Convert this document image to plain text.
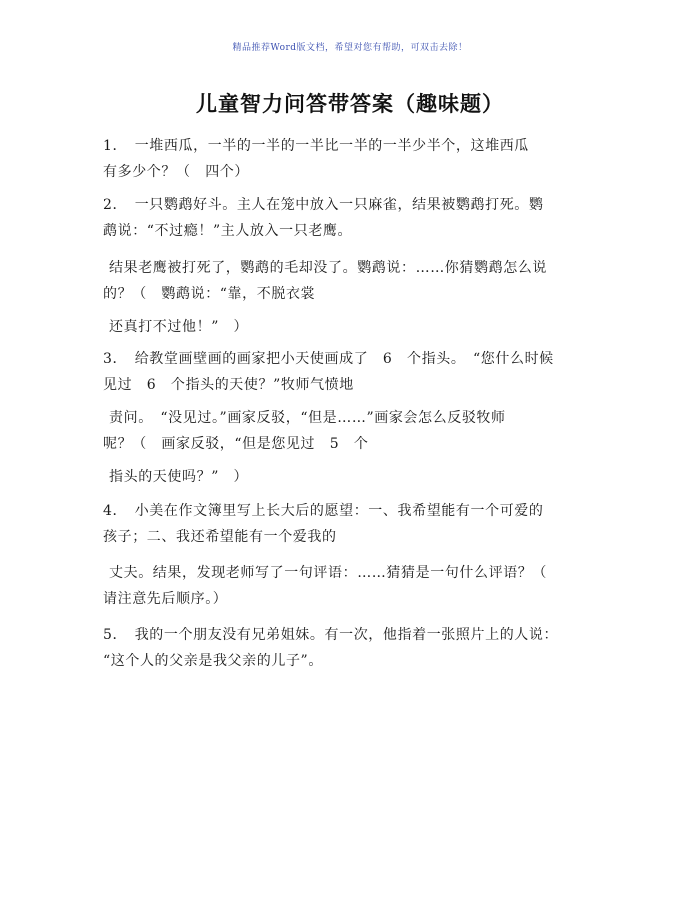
精品推荐Word版文档，希望对您有帮助，可双击去除！
儿童智力问答带答案（趣味题）

1．　一堆西瓜，一半的一半的一半比一半的一半少半个，这堆西瓜

有多少个？（　四个）

2．　一只鹦鹉好斗。主人在笼中放入一只麻雀，结果被鹦鹉打死。鹦

鹉说：“不过瘾！”主人放入一只老鹰。

结果老鹰被打死了，鹦鹉的毛却没了。鹦鹉说：……你猜鹦鹉怎么说

的？（　鹦鹉说：“靠，不脱衣裳

还真打不过他！”　）

3．　给教堂画壁画的画家把小天使画成了　6　个指头。　“您什么时候

见过　6　个指头的天使？”牧师气愤地

责问。　“没见过。”画家反驳，“但是……”画家会怎么反驳牧师

呢？（　画家反驳，“但是您见过　5　个

指头的天使吗？”　）

4．　小美在作文簿里写上长大后的愿望：一、我希望能有一个可爱的

孩子；二、我还希望能有一个爱我的

丈夫。结果，发现老师写了一句评语：……猜猜是一句什么评语？（

请注意先后顺序。）

5．　我的一个朋友没有兄弟姐妹。有一次，他指着一张照片上的人说：

“这个人的父亲是我父亲的儿子”。
